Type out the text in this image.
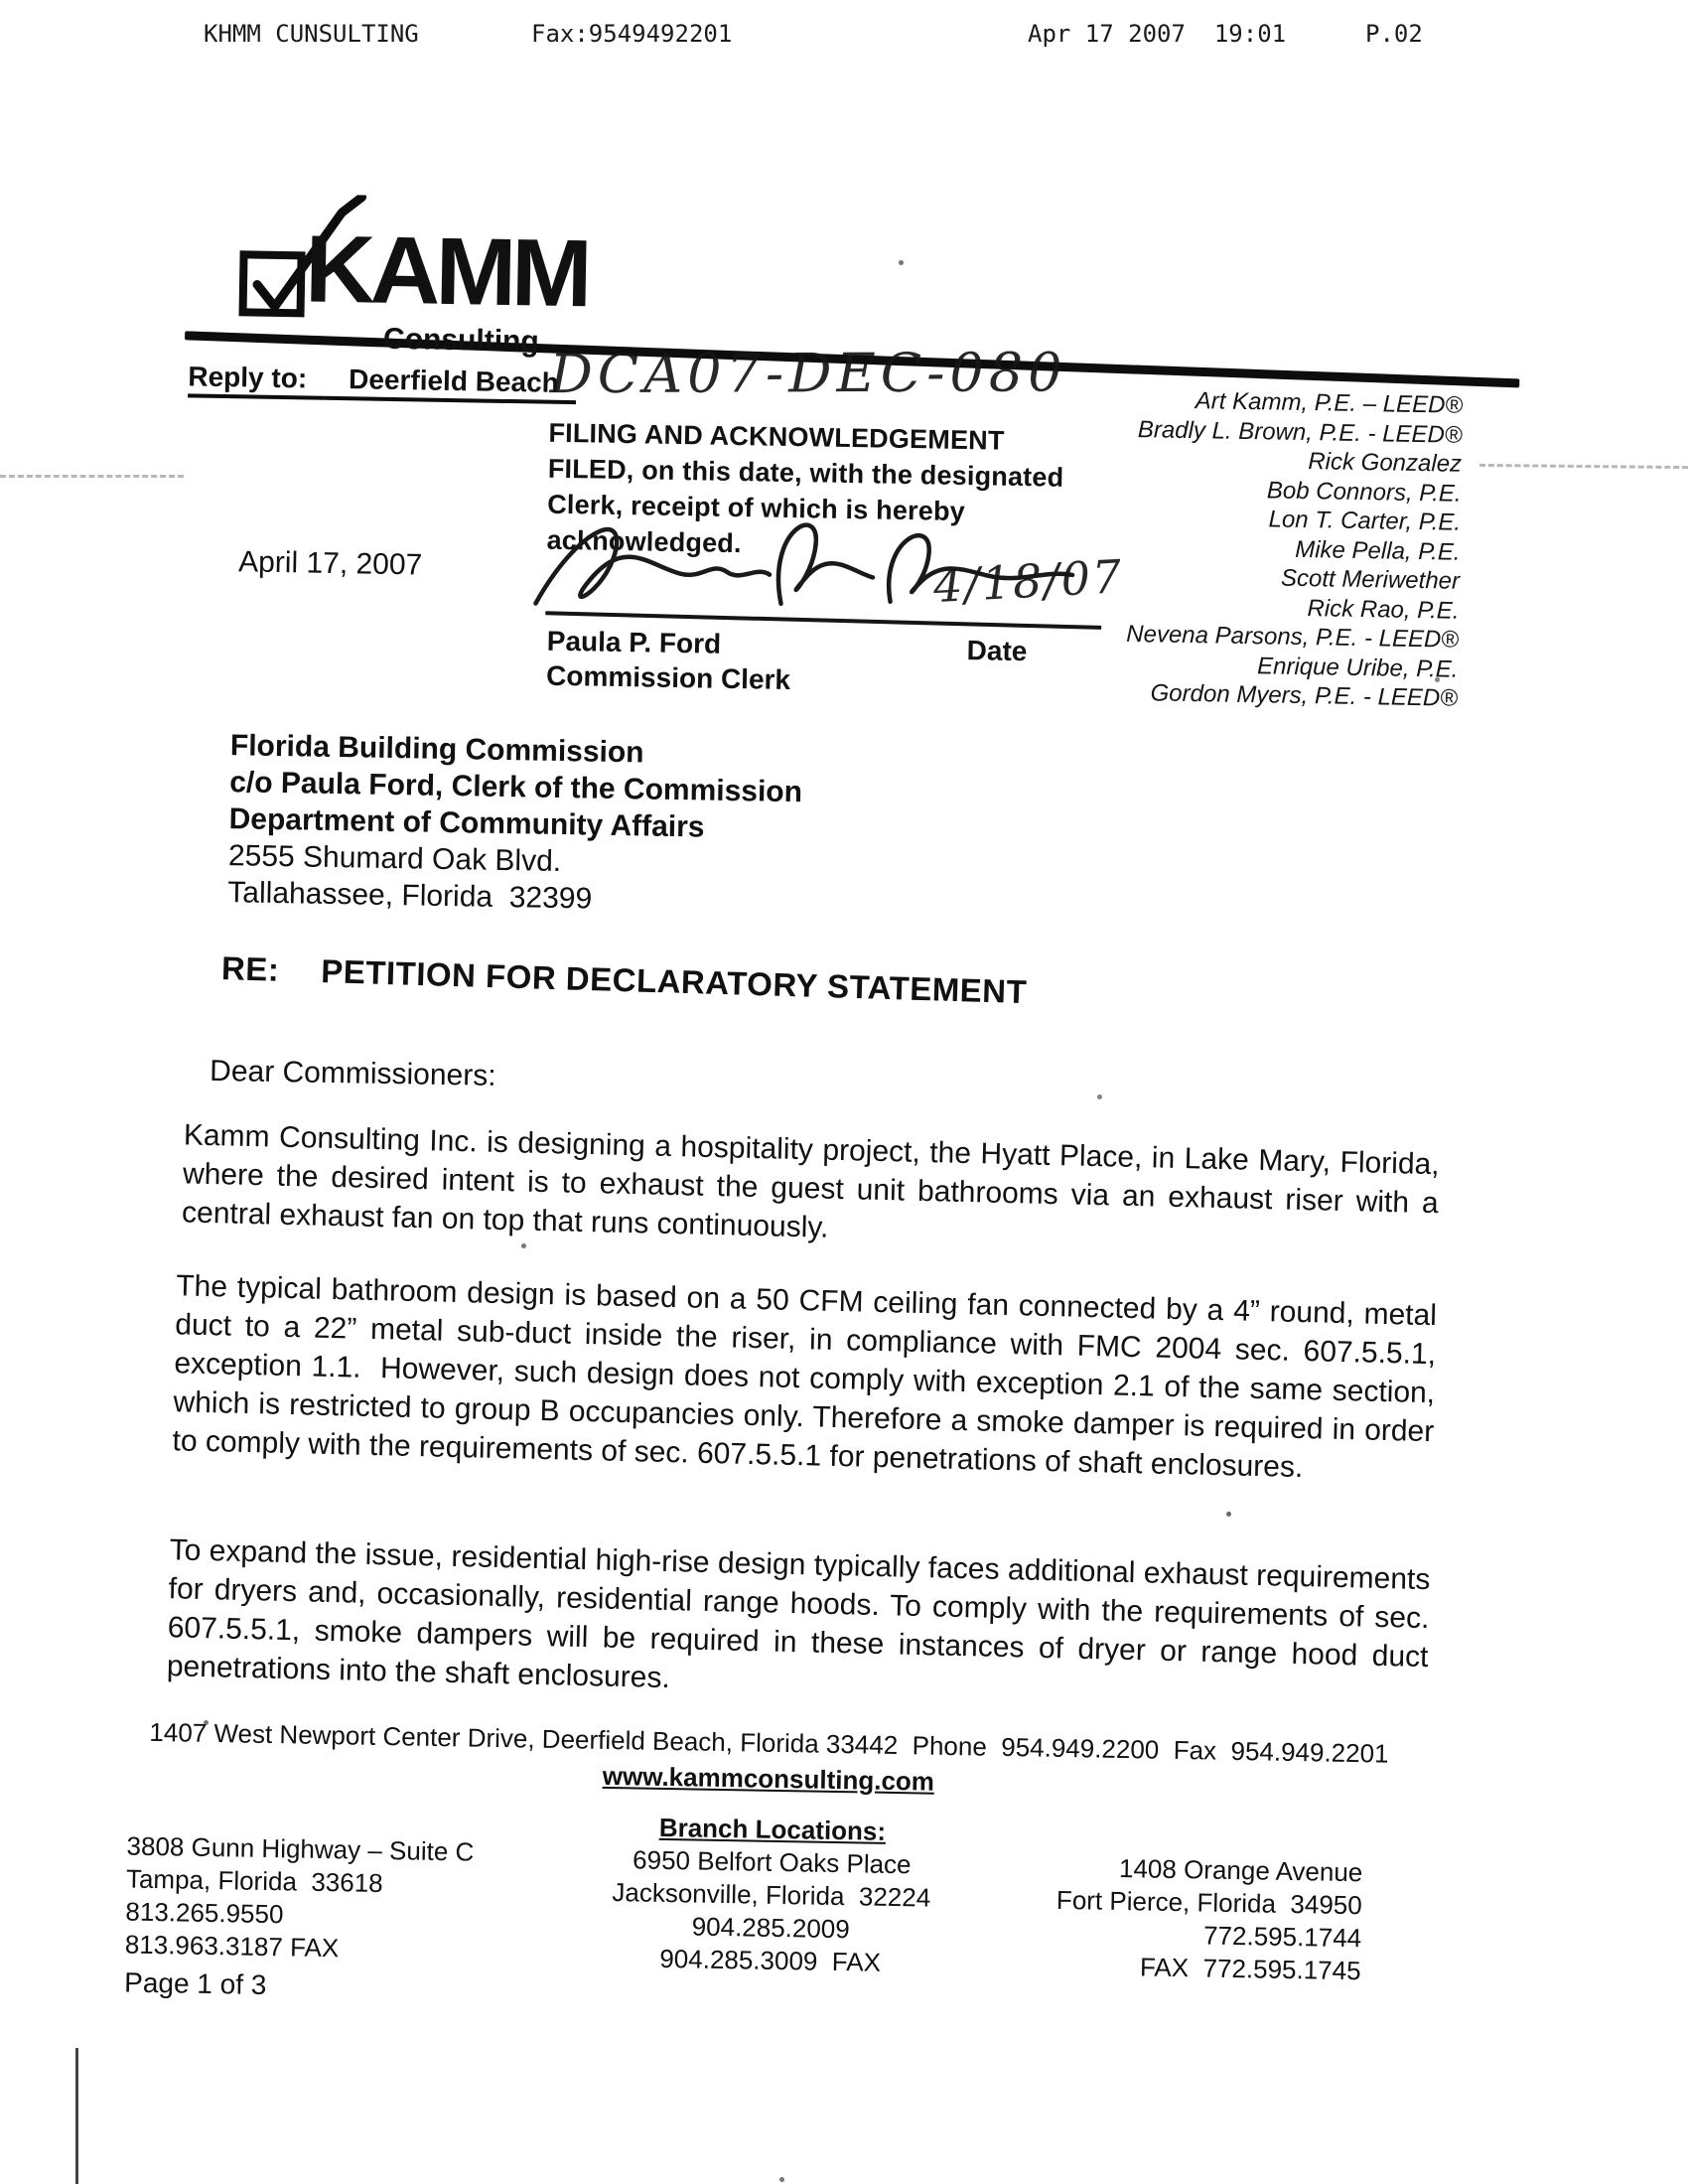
KHMM CUNSULTING	Fax:9549492201	Apr 17 2007  19:01	P.02
KAMM
Consulting
Reply to: Deerfield Beach
DCA07-DEC-080
FILING AND ACKNOWLEDGEMENT
FILED, on this date, with the designated
Clerk, receipt of which is hereby
acknowledged.
4/18/07
Paula P. Ford
Commission Clerk
Date
Art Kamm, P.E. – LEED®
Bradly L. Brown, P.E. - LEED®
Rick Gonzalez
Bob Connors, P.E.
Lon T. Carter, P.E.
Mike Pella, P.E.
Scott Meriwether
Rick Rao, P.E.
Nevena Parsons, P.E. - LEED®
Enrique Uribe, P.E.
Gordon Myers, P.E. - LEED®
April 17, 2007
Florida Building Commission
c/o Paula Ford, Clerk of the Commission
Department of Community Affairs
2555 Shumard Oak Blvd.
Tallahassee, Florida  32399
RE: PETITION FOR DECLARATORY STATEMENT
Dear Commissioners:
Kamm Consulting Inc. is designing a hospitality project, the Hyatt Place, in Lake Mary, Florida, where the desired intent is to exhaust the guest unit bathrooms via an exhaust riser with a central exhaust fan on top that runs continuously.
The typical bathroom design is based on a 50 CFM ceiling fan connected by a 4” round, metal duct to a 22” metal sub-duct inside the riser, in compliance with FMC 2004 sec. 607.5.5.1, exception 1.1.  However, such design does not comply with exception 2.1 of the same section, which is restricted to group B occupancies only. Therefore a smoke damper is required in order to comply with the requirements of sec. 607.5.5.1 for penetrations of shaft enclosures.
To expand the issue, residential high-rise design typically faces additional exhaust requirements for dryers and, occasionally, residential range hoods. To comply with the requirements of sec. 607.5.5.1, smoke dampers will be required in these instances of dryer or range hood duct penetrations into the shaft enclosures.
1407 West Newport Center Drive, Deerfield Beach, Florida 33442  Phone  954.949.2200  Fax  954.949.2201
www.kammconsulting.com
3808 Gunn Highway – Suite C
Tampa, Florida  33618
813.265.9550
813.963.3187 FAX
Branch Locations:
6950 Belfort Oaks Place
Jacksonville, Florida  32224
904.285.2009
904.285.3009  FAX
1408 Orange Avenue
Fort Pierce, Florida  34950
772.595.1744
FAX  772.595.1745
Page 1 of 3
